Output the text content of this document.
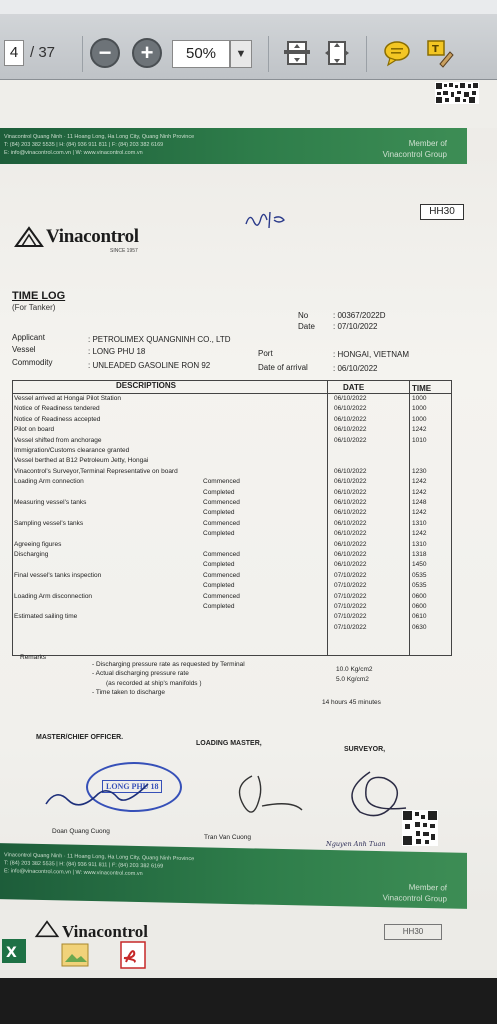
4 / 37	−	+	50%	▼	T
Vinacontrol Quang Ninh · 11 Hoang Long, Ha Long City, Quang Ninh Province
T: (84) 203 382 5535 | H: (84) 936 911 811 | F: (84) 203 382 6169
E: info@vinacontrol.com.vn | W: www.vinacontrol.com.vn
Member of
Vinacontrol Group
HH30
Vinacontrol
SINCE 1957
TIME LOG
(For Tanker)
No	: 00367/2022D
Date : 07/10/2022
Applicant	: PETROLIMEX QUANGNINH CO., LTD
Vessel	: LONG PHU 18	Port	: HONGAI, VIETNAM
Commodity	: UNLEADED GASOLINE RON 92	Date of arrival	: 06/10/2022
DESCRIPTIONS	DATE	TIME
Vessel arrived at Hongai Pilot Station	06/10/2022	1000
Notice of Readiness tendered	06/10/2022	1000
Notice of Readiness accepted	06/10/2022	1000
Pilot on board	06/10/2022	1242
Vessel shifted from anchorage	06/10/2022	1010
Immigration/Customs clearance granted
Vessel berthed at B12 Petroleum Jetty, Hongai
Vinacontrol's Surveyor,Terminal Representative on board	06/10/2022	1230
Loading Arm connection	Commenced	06/10/2022	1242
Completed	06/10/2022	1242
Measuring vessel's tanks	Commenced	06/10/2022	1248
Completed	06/10/2022	1242
Sampling vessel's tanks	Commenced	06/10/2022	1310
Completed	06/10/2022	1242
Agreeing figures	06/10/2022	1310
Discharging	Commenced	06/10/2022	1318
Completed	06/10/2022	1450
Final vessel's tanks inspection	Commenced	07/10/2022	0535
Completed	07/10/2022	0535
Loading Arm disconnection	Commenced	07/10/2022	0600
Completed	07/10/2022	0600
Estimated sailing time	07/10/2022	0610
07/10/2022	0630
Remarks
- Discharging pressure rate as requested by Terminal
10.0 Kg/cm2
- Actual discharging pressure rate
5.0 Kg/cm2
(as recorded at ship's manifolds )
- Time taken to discharge
14 hours 45 minutes
MASTER/CHIEF OFFICER.
LOADING MASTER,
SURVEYOR,
LONG PHU 18
Doan Quang Cuong
Tran Van Cuong
Nguyen Anh Tuan
Vinacontrol Quang Ninh · 11 Hoang Long, Ha Long City, Quang Ninh Province
T: (84) 203 382 5535 | H: (84) 936 911 811 | F: (84) 203 382 6169
E: info@vinacontrol.com.vn | W: www.vinacontrol.com.vn
Member of
Vinacontrol Group
Vinacontrol	HH30
X
